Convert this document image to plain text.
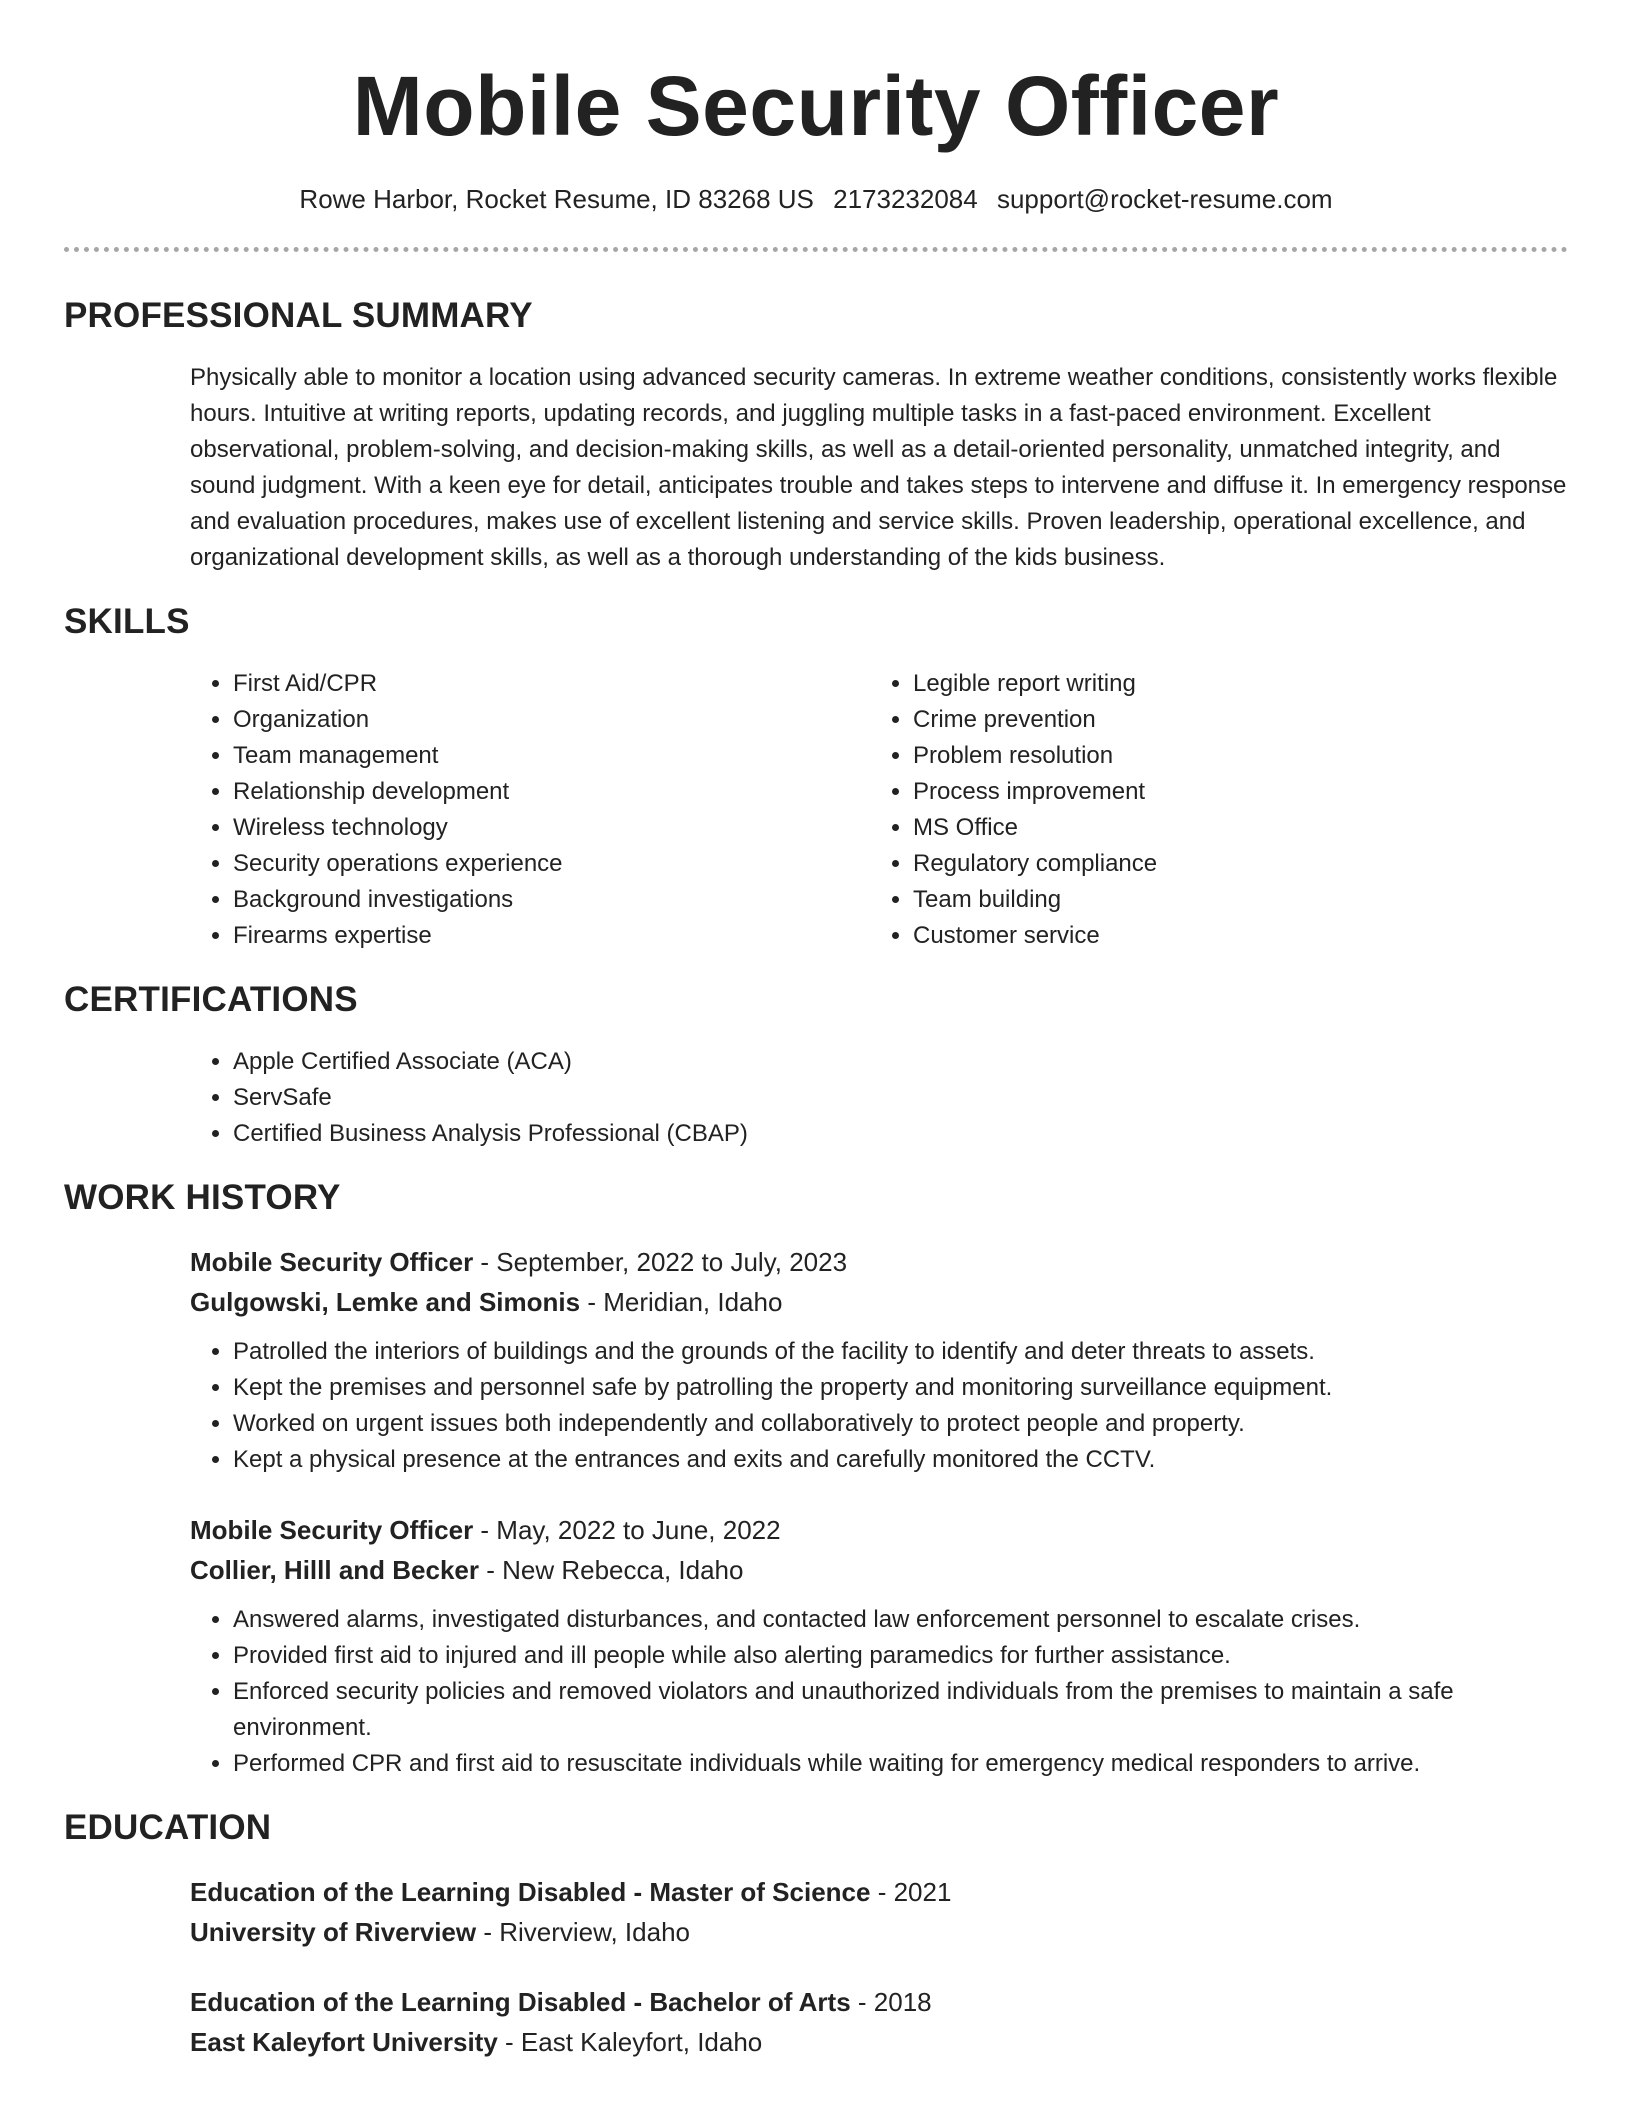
Mobile Security Officer
Rowe Harbor, Rocket Resume, ID 83268 US 2173232084 support@rocket-resume.com
PROFESSIONAL SUMMARY

Physically able to monitor a location using advanced security cameras. In extreme weather conditions, consistently works flexible hours. Intuitive at writing reports, updating records, and juggling multiple tasks in a fast-paced environment. Excellent observational, problem-solving, and decision-making skills, as well as a detail-oriented personality, unmatched integrity, and sound judgment. With a keen eye for detail, anticipates trouble and takes steps to intervene and diffuse it. In emergency response and evaluation procedures, makes use of excellent listening and service skills. Proven leadership, operational excellence, and organizational development skills, as well as a thorough understanding of the kids business.

SKILLS
• First Aid/CPR
• Organization
• Team management
• Relationship development
• Wireless technology
• Security operations experience
• Background investigations
• Firearms expertise
• Legible report writing
• Crime prevention
• Problem resolution
• Process improvement
• MS Office
• Regulatory compliance
• Team building
• Customer service
CERTIFICATIONS
• Apple Certified Associate (ACA)
• ServSafe
• Certified Business Analysis Professional (CBAP)
WORK HISTORY
Mobile Security Officer - September, 2022 to July, 2023
Gulgowski, Lemke and Simonis - Meridian, Idaho
• Patrolled the interiors of buildings and the grounds of the facility to identify and deter threats to assets.
• Kept the premises and personnel safe by patrolling the property and monitoring surveillance equipment.
• Worked on urgent issues both independently and collaboratively to protect people and property.
• Kept a physical presence at the entrances and exits and carefully monitored the CCTV.
Mobile Security Officer - May, 2022 to June, 2022
Collier, Hilll and Becker - New Rebecca, Idaho
• Answered alarms, investigated disturbances, and contacted law enforcement personnel to escalate crises.
• Provided first aid to injured and ill people while also alerting paramedics for further assistance.
• Enforced security policies and removed violators and unauthorized individuals from the premises to maintain a safe environment.
• Performed CPR and first aid to resuscitate individuals while waiting for emergency medical responders to arrive.
EDUCATION
Education of the Learning Disabled - Master of Science - 2021
University of Riverview - Riverview, Idaho
Education of the Learning Disabled - Bachelor of Arts - 2018
East Kaleyfort University - East Kaleyfort, Idaho
